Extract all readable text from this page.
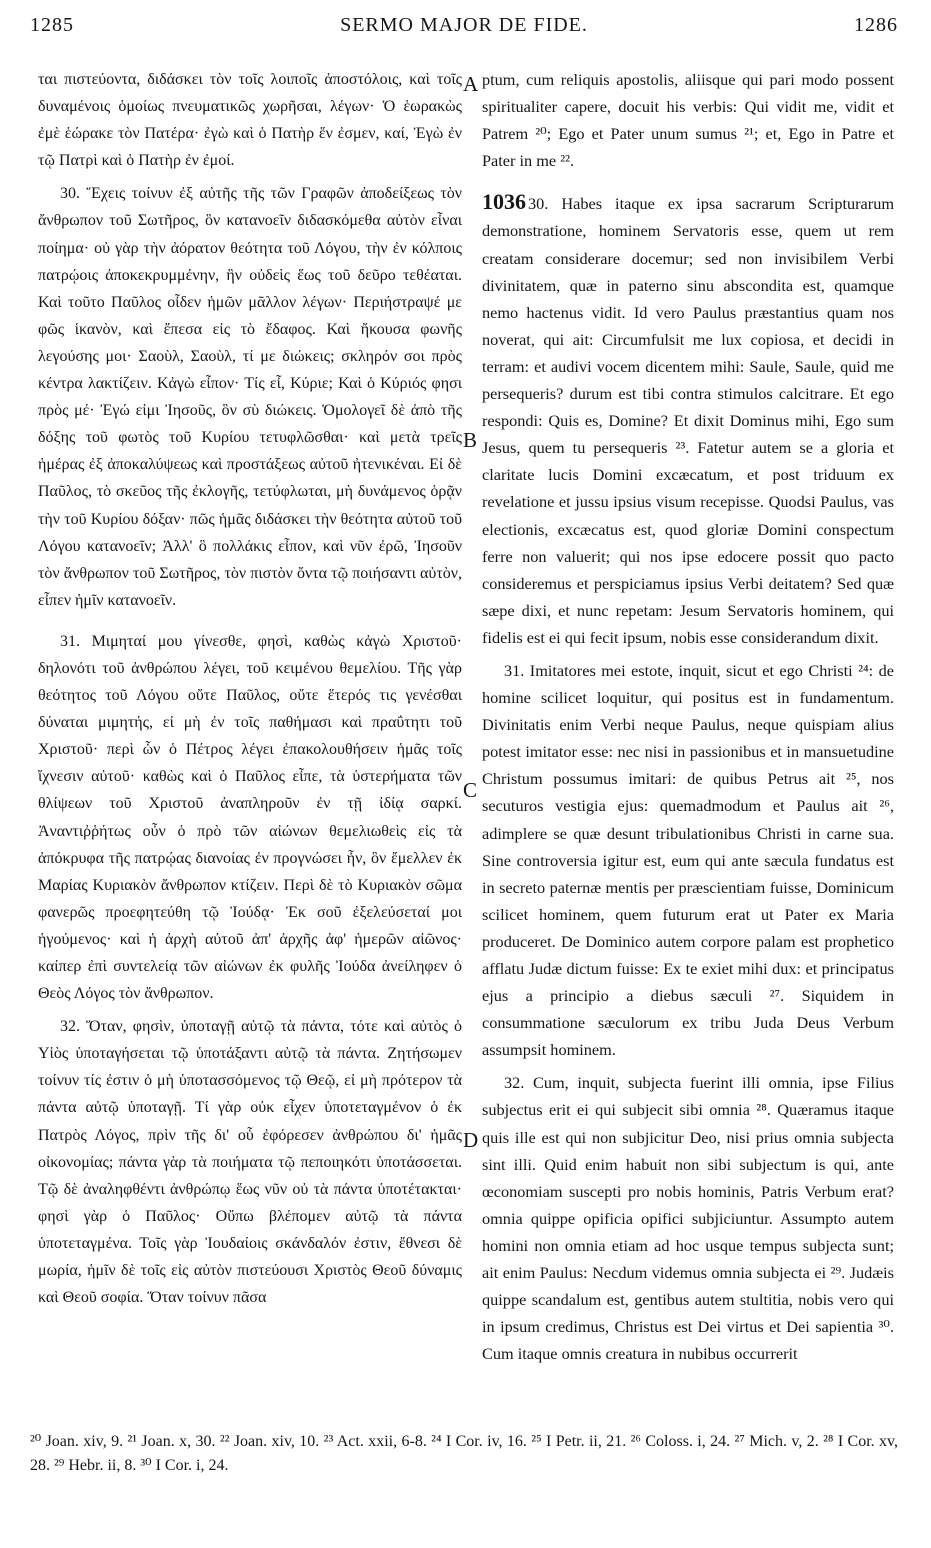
1285	SERMO MAJOR DE FIDE.	1286
A
B
C
D

ται πιστεύοντα, διδάσκει τὸν τοῖς λοιποῖς ἀποστόλοις, καὶ τοῖς δυναμένοις ὁμοίως πνευματικῶς χωρῆσαι, λέγων· Ὁ ἑωρακὼς ἐμὲ ἑώρακε τὸν Πατέρα· ἐγὼ καὶ ὁ Πατὴρ ἕν ἐσμεν, καί, Ἐγὼ ἐν τῷ Πατρὶ καὶ ὁ Πατὴρ ἐν ἐμοί.

30. Ἔχεις τοίνυν ἐξ αὐτῆς τῆς τῶν Γραφῶν ἀποδείξεως τὸν ἄνθρωπον τοῦ Σωτῆρος, ὃν κατανοεῖν διδασκόμεθα αὐτὸν εἶναι ποίημα· οὐ γὰρ τὴν ἀόρατον θεότητα τοῦ Λόγου, τὴν ἐν κόλποις πατρῴοις ἀποκεκρυμμένην, ἣν οὐδεὶς ἕως τοῦ δεῦρο τεθέαται. Καὶ τοῦτο Παῦλος οἶδεν ἡμῶν μᾶλλον λέγων· Περιήστραψέ με φῶς ἱκανὸν, καὶ ἔπεσα εἰς τὸ ἔδαφος. Καὶ ἤκουσα φωνῆς λεγούσης μοι· Σαοὺλ, Σαοὺλ, τί με διώκεις; σκληρόν σοι πρὸς κέντρα λακτίζειν. Κἀγὼ εἶπον· Τίς εἶ, Κύριε; Καὶ ὁ Κύριός φησι πρὸς μέ· Ἐγώ εἰμι Ἰησοῦς, ὃν σὺ διώκεις. Ὁμολογεῖ δὲ ἀπὸ τῆς δόξης τοῦ φωτὸς τοῦ Κυρίου τετυφλῶσθαι· καὶ μετὰ τρεῖς ἡμέρας ἐξ ἀποκαλύψεως καὶ προστάξεως αὐτοῦ ἠτενικέναι. Εἰ δὲ Παῦλος, τὸ σκεῦος τῆς ἐκλογῆς, τετύφλωται, μὴ δυνάμενος ὁρᾷν τὴν τοῦ Κυρίου δόξαν· πῶς ἡμᾶς διδάσκει τὴν θεότητα αὐτοῦ τοῦ Λόγου κατανοεῖν; Ἀλλ' ὃ πολλάκις εἶπον, καὶ νῦν ἐρῶ, Ἰησοῦν τὸν ἄνθρωπον τοῦ Σωτῆρος, τὸν πιστὸν ὄντα τῷ ποιήσαντι αὐτὸν, εἶπεν ἡμῖν κατανοεῖν.

31. Μιμηταί μου γίνεσθε, φησὶ, καθὼς κἀγὼ Χριστοῦ· δηλονότι τοῦ ἀνθρώπου λέγει, τοῦ κειμένου θεμελίου. Τῆς γὰρ θεότητος τοῦ Λόγου οὔτε Παῦλος, οὔτε ἕτερός τις γενέσθαι δύναται μιμητής, εἰ μὴ ἐν τοῖς παθήμασι καὶ πραΰτητι τοῦ Χριστοῦ· περὶ ὧν ὁ Πέτρος λέγει ἐπακολουθήσειν ἡμᾶς τοῖς ἴχνεσιν αὐτοῦ· καθὼς καὶ ὁ Παῦλος εἶπε, τὰ ὑστερήματα τῶν θλίψεων τοῦ Χριστοῦ ἀναπληροῦν ἐν τῇ ἰδίᾳ σαρκί. Ἀναντιῤῥήτως οὖν ὁ πρὸ τῶν αἰώνων θεμελιωθεὶς εἰς τὰ ἀπόκρυφα τῆς πατρῴας διανοίας ἐν προγνώσει ἦν, ὃν ἔμελλεν ἐκ Μαρίας Κυριακὸν ἄνθρωπον κτίζειν. Περὶ δὲ τὸ Κυριακὸν σῶμα φανερῶς προεφητεύθη τῷ Ἰούδᾳ· Ἐκ σοῦ ἐξελεύσεταί μοι ἡγούμενος· καὶ ἡ ἀρχὴ αὐτοῦ ἀπ' ἀρχῆς ἀφ' ἡμερῶν αἰῶνος· καίπερ ἐπὶ συντελείᾳ τῶν αἰώνων ἐκ φυλῆς Ἰούδα ἀνείληφεν ὁ Θεὸς Λόγος τὸν ἄνθρωπον.

32. Ὅταν, φησὶν, ὑποταγῇ αὐτῷ τὰ πάντα, τότε καὶ αὐτὸς ὁ Υἱὸς ὑποταγήσεται τῷ ὑποτάξαντι αὐτῷ τὰ πάντα. Ζητήσωμεν τοίνυν τίς ἐστιν ὁ μὴ ὑποτασσόμενος τῷ Θεῷ, εἰ μὴ πρότερον τὰ πάντα αὐτῷ ὑποταγῇ. Τί γὰρ οὐκ εἶχεν ὑποτεταγμένον ὁ ἐκ Πατρὸς Λόγος, πρὶν τῆς δι' οὗ ἐφόρεσεν ἀνθρώπου δι' ἡμᾶς οἰκονομίας; πάντα γὰρ τὰ ποιήματα τῷ πεποιηκότι ὑποτάσσεται. Τῷ δὲ ἀναληφθέντι ἀνθρώπῳ ἕως νῦν οὐ τὰ πάντα ὑποτέτακται· φησὶ γὰρ ὁ Παῦλος· Οὔπω βλέπομεν αὐτῷ τὰ πάντα ὑποτεταγμένα. Τοῖς γὰρ Ἰουδαίοις σκάνδαλόν ἐστιν, ἔθνεσι δὲ μωρία, ἡμῖν δὲ τοῖς εἰς αὐτὸν πιστεύουσι Χριστὸς Θεοῦ δύναμις καὶ Θεοῦ σοφία. Ὅταν τοίνυν πᾶσα

ptum, cum reliquis apostolis, aliisque qui pari modo possent spiritualiter capere, docuit his verbis: Qui vidit me, vidit et Patrem ²⁰; Ego et Pater unum sumus ²¹; et, Ego in Patre et Pater in me ²².

1036 30. Habes itaque ex ipsa sacrarum Scripturarum demonstratione, hominem Servatoris esse, quem ut rem creatam considerare docemur; sed non invisibilem Verbi divinitatem, quæ in paterno sinu abscondita est, quamque nemo hactenus vidit. Id vero Paulus præstantius quam nos noverat, qui ait: Circumfulsit me lux copiosa, et decidi in terram: et audivi vocem dicentem mihi: Saule, Saule, quid me persequeris? durum est tibi contra stimulos calcitrare. Et ego respondi: Quis es, Domine? Et dixit Dominus mihi, Ego sum Jesus, quem tu persequeris ²³. Fatetur autem se a gloria et claritate lucis Domini excæcatum, et post triduum ex revelatione et jussu ipsius visum recepisse. Quodsi Paulus, vas electionis, excæcatus est, quod gloriæ Domini conspectum ferre non valuerit; qui nos ipse edocere possit quo pacto consideremus et perspiciamus ipsius Verbi deitatem? Sed quæ sæpe dixi, et nunc repetam: Jesum Servatoris hominem, qui fidelis est ei qui fecit ipsum, nobis esse considerandum dixit.

31. Imitatores mei estote, inquit, sicut et ego Christi ²⁴: de homine scilicet loquitur, qui positus est in fundamentum. Divinitatis enim Verbi neque Paulus, neque quispiam alius potest imitator esse: nec nisi in passionibus et in mansuetudine Christum possumus imitari: de quibus Petrus ait ²⁵, nos secuturos vestigia ejus: quemadmodum et Paulus ait ²⁶, adimplere se quæ desunt tribulationibus Christi in carne sua. Sine controversia igitur est, eum qui ante sæcula fundatus est in secreto paternæ mentis per præscientiam fuisse, Dominicum scilicet hominem, quem futurum erat ut Pater ex Maria produceret. De Dominico autem corpore palam est prophetico afflatu Judæ dictum fuisse: Ex te exiet mihi dux: et principatus ejus a principio a diebus sæculi ²⁷. Siquidem in consummatione sæculorum ex tribu Juda Deus Verbum assumpsit hominem.

32. Cum, inquit, subjecta fuerint illi omnia, ipse Filius subjectus erit ei qui subjecit sibi omnia ²⁸. Quæramus itaque quis ille est qui non subjicitur Deo, nisi prius omnia subjecta sint illi. Quid enim habuit non sibi subjectum is qui, ante œconomiam suscepti pro nobis hominis, Patris Verbum erat? omnia quippe opificia opifici subjiciuntur. Assumpto autem homini non omnia etiam ad hoc usque tempus subjecta sunt; ait enim Paulus: Necdum videmus omnia subjecta ei ²⁹. Judæis quippe scandalum est, gentibus autem stultitia, nobis vero qui in ipsum credimus, Christus est Dei virtus et Dei sapientia ³⁰. Cum itaque omnis creatura in nubibus occurrerit

²⁰ Joan. xiv, 9. ²¹ Joan. x, 30. ²² Joan. xiv, 10. ²³ Act. xxii, 6-8. ²⁴ I Cor. iv, 16. ²⁵ I Petr. ii, 21. ²⁶ Coloss. i, 24. ²⁷ Mich. v, 2. ²⁸ I Cor. xv, 28. ²⁹ Hebr. ii, 8. ³⁰ I Cor. i, 24.
